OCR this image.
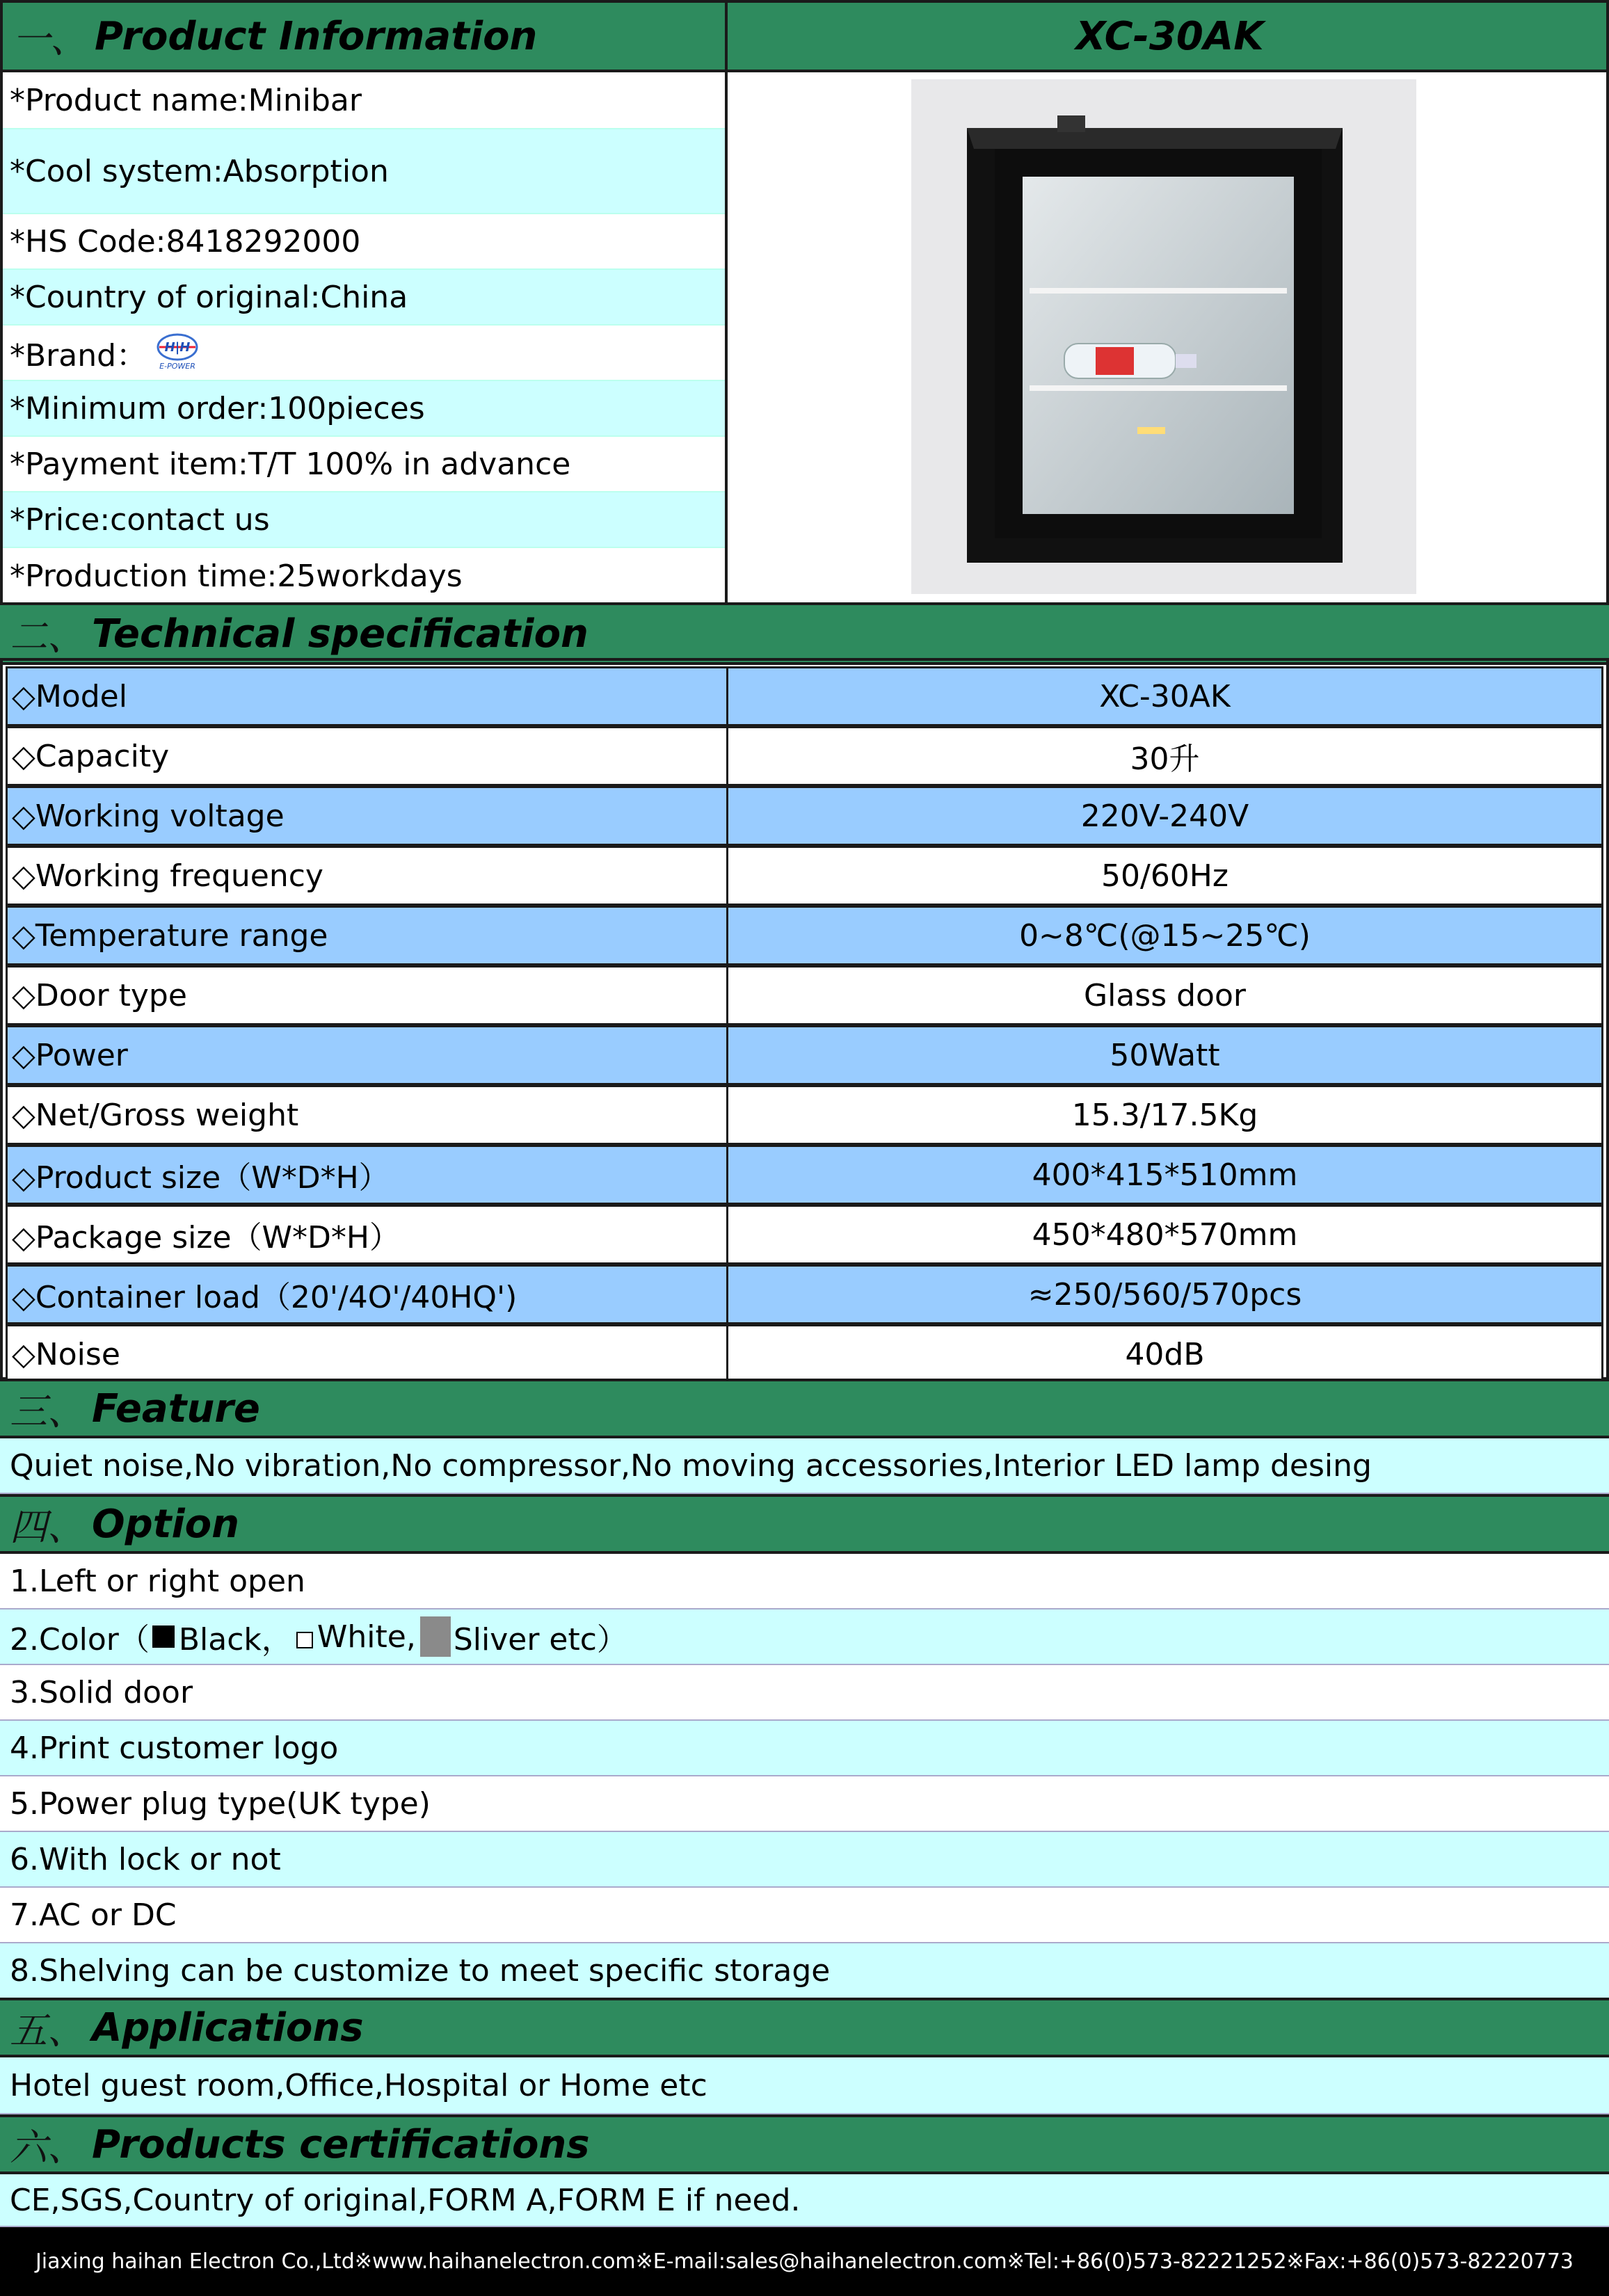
一、 Product Information	XC-30AK
*Product name:Minibar
*Cool system:Absorption
*HS Code:8418292000
*Country of original:China
*Brand： H|H
E-POWER
*Minimum order:100pieces
*Payment item:T/T 100% in advance
*Price:contact us
*Production time:25workdays
二、 Technical specification
◇Model	XC-30AK
◇Capacity	30升
◇Working voltage	220V-240V
◇Working frequency	50/60Hz
◇Temperature range	0~8℃(@15~25℃)
◇Door type	Glass door
◇Power	50Watt
◇Net/Gross weight	15.3/17.5Kg
◇Product size（W*D*H）	400*415*510mm
◇Package size（W*D*H）	450*480*570mm
◇Container load（20'/4O'/40HQ')	≈250/560/570pcs
◇Noise	40dB
三、 Feature
Quiet noise,No vibration,No compressor,No moving accessories,Interior LED lamp desing
四、 Option
1.Left or right open
2.Color（ Black， White, Sliver etc）
3.Solid door
4.Print customer logo
5.Power plug type(UK type)
6.With lock or not
7.AC or DC
8.Shelving can be customize to meet specific storage
五、 Applications
Hotel guest room,Office,Hospital or Home etc
六、 Products certifications
CE,SGS,Country of original,FORM A,FORM E if need.
Jiaxing haihan Electron Co.,Ltd※www.haihanelectron.com※E-mail:sales@haihanelectron.com※Tel:+86(0)573-82221252※Fax:+86(0)573-82220773
